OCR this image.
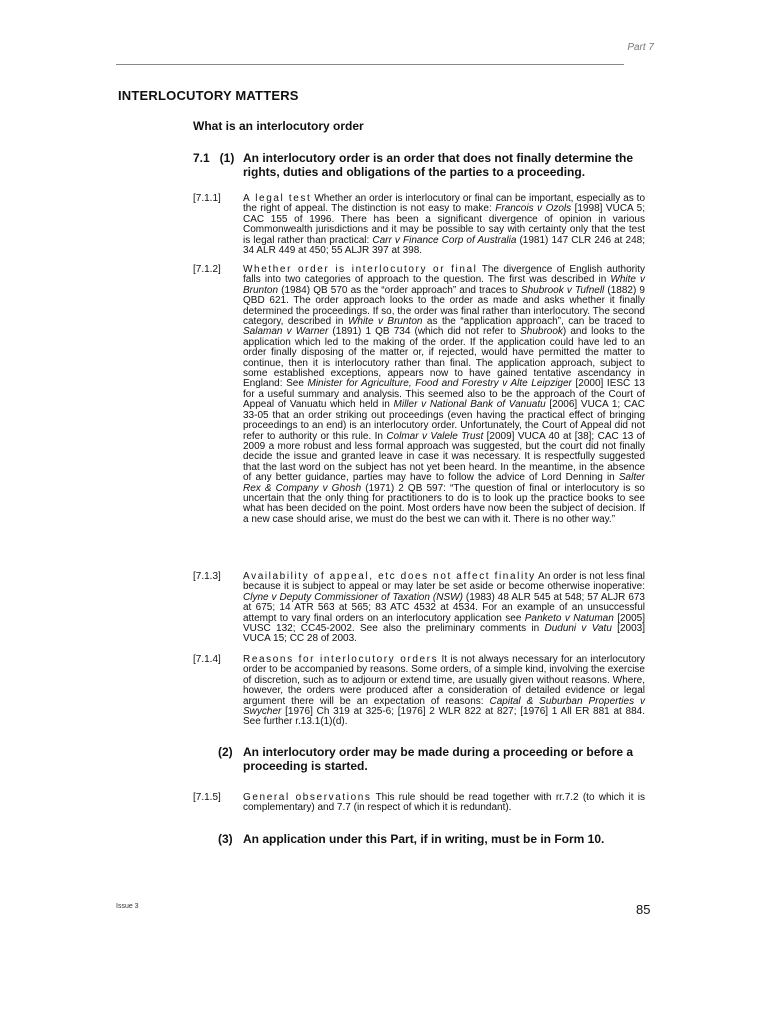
Part 7
INTERLOCUTORY MATTERS
What is an interlocutory order
7.1   (1) An interlocutory order is an order that does not finally determine the rights, duties and obligations of the parties to a proceeding.
[7.1.1]	A legal test Whether an order is interlocutory or final can be important, especially as to the right of appeal. The distinction is not easy to make: Francois v Ozols [1998] VUCA 5; CAC 155 of 1996. There has been a significant divergence of opinion in various Commonwealth jurisdictions and it may be possible to say with certainty only that the test is legal rather than practical: Carr v Finance Corp of Australia (1981) 147 CLR 246 at 248; 34 ALR 449 at 450; 55 ALJR 397 at 398.
[7.1.2]	Whether order is interlocutory or final The divergence of English authority falls into two categories of approach to the question. The first was described in White v Brunton (1984) QB 570 as the “order approach” and traces to Shubrook v Tufnell (1882) 9 QBD 621. The order approach looks to the order as made and asks whether it finally determined the proceedings. If so, the order was final rather than interlocutory. The second category, described in White v Brunton as the “application approach”, can be traced to Salaman v Warner (1891) 1 QB 734 (which did not refer to Shubrook) and looks to the application which led to the making of the order. If the application could have led to an order finally disposing of the matter or, if rejected, would have permitted the matter to continue, then it is interlocutory rather than final. The application approach, subject to some established exceptions, appears now to have gained tentative ascendancy in England: See Minister for Agriculture, Food and Forestry v Alte Leipziger [2000] IESC 13 for a useful summary and analysis. This seemed also to be the approach of the Court of Appeal of Vanuatu which held in Miller v National Bank of Vanuatu [2006] VUCA 1; CAC 33-05 that an order striking out proceedings (even having the practical effect of bringing proceedings to an end) is an interlocutory order. Unfortunately, the Court of Appeal did not refer to authority or this rule. In Colmar v Valele Trust [2009] VUCA 40 at [38]; CAC 13 of 2009 a more robust and less formal approach was suggested, but the court did not finally decide the issue and granted leave in case it was necessary. It is respectfully suggested that the last word on the subject has not yet been heard. In the meantime, in the absence of any better guidance, parties may have to follow the advice of Lord Denning in Salter Rex & Company v Ghosh (1971) 2 QB 597: “The question of final or interlocutory is so uncertain that the only thing for practitioners to do is to look up the practice books to see what has been decided on the point. Most orders have now been the subject of decision. If a new case should arise, we must do the best we can with it. There is no other way.”
[7.1.3]	Availability of appeal, etc does not affect finality An order is not less final because it is subject to appeal or may later be set aside or become otherwise inoperative: Clyne v Deputy Commissioner of Taxation (NSW) (1983) 48 ALR 545 at 548; 57 ALJR 673 at 675; 14 ATR 563 at 565; 83 ATC 4532 at 4534. For an example of an unsuccessful attempt to vary final orders on an interlocutory application see Panketo v Natuman [2005] VUSC 132; CC45-2002. See also the preliminary comments in Duduni v Vatu [2003] VUCA 15; CC 28 of 2003.
[7.1.4]	Reasons for interlocutory orders It is not always necessary for an interlocutory order to be accompanied by reasons. Some orders, of a simple kind, involving the exercise of discretion, such as to adjourn or extend time, are usually given without reasons. Where, however, the orders were produced after a consideration of detailed evidence or legal argument there will be an expectation of reasons: Capital & Suburban Properties v Swycher [1976] Ch 319 at 325-6; [1976] 2 WLR 822 at 827; [1976] 1 All ER 881 at 884. See further r.13.1(1)(d).
(2) An interlocutory order may be made during a proceeding or before a proceeding is started.
[7.1.5]	General observations This rule should be read together with rr.7.2 (to which it is complementary) and 7.7 (in respect of which it is redundant).
(3) An application under this Part, if in writing, must be in Form 10.
Issue 3	85
